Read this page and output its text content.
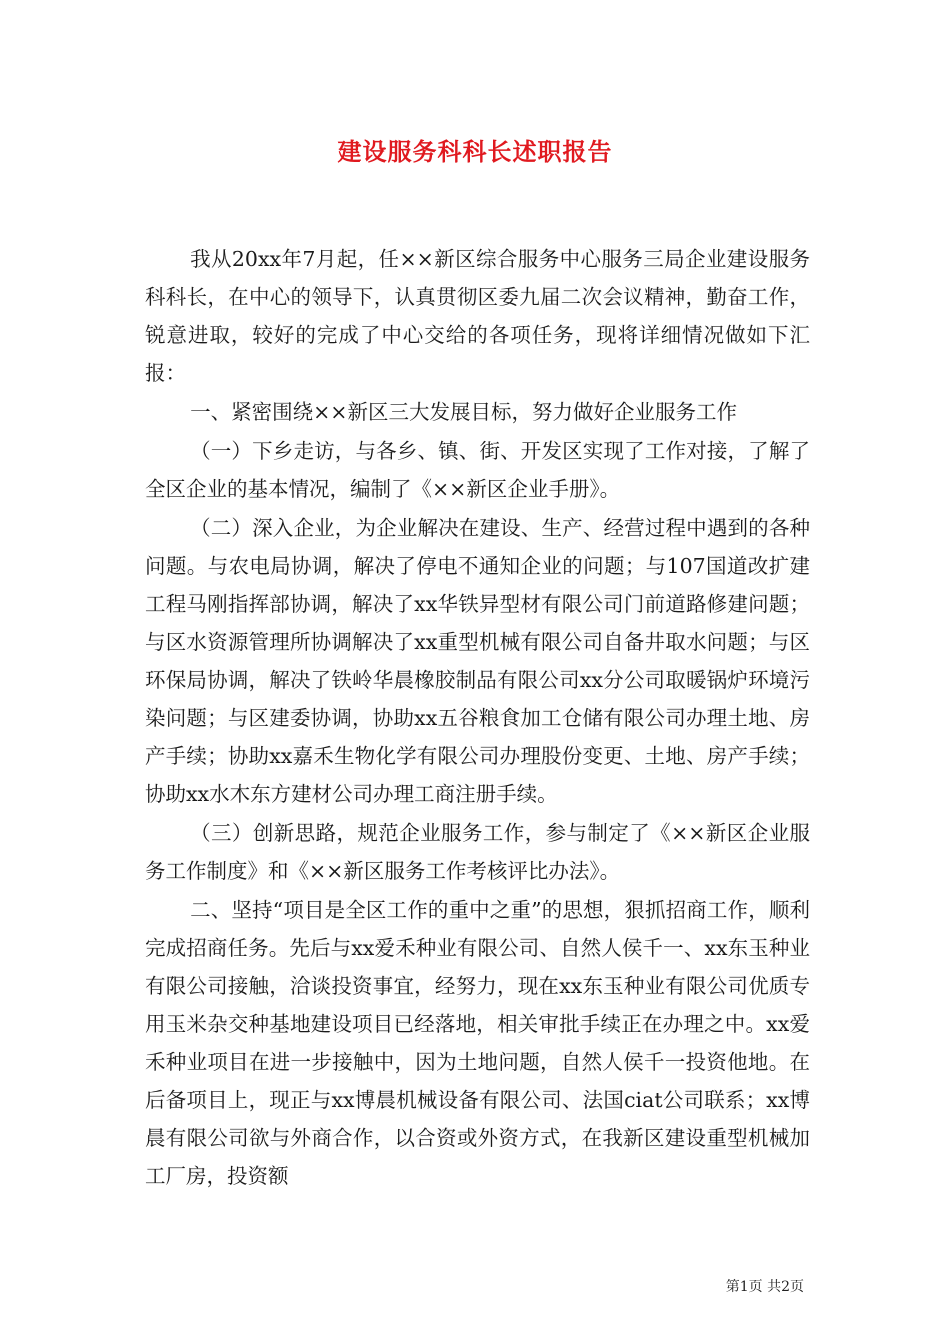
建设服务科科长述职报告

我从20xx年7月起，任××新区综合服务中心服务三局企业建设服务科科长，在中心的领导下，认真贯彻区委九届二次会议精神，勤奋工作，锐意进取，较好的完成了中心交给的各项任务，现将详细情况做如下汇报：

一、紧密围绕××新区三大发展目标，努力做好企业服务工作

（一）下乡走访，与各乡、镇、街、开发区实现了工作对接，了解了全区企业的基本情况，编制了《××新区企业手册》。

（二）深入企业，为企业解决在建设、生产、经营过程中遇到的各种问题。与农电局协调，解决了停电不通知企业的问题；与107国道改扩建工程马刚指挥部协调，解决了xx华铁异型材有限公司门前道路修建问题；与区水资源管理所协调解决了xx重型机械有限公司自备井取水问题；与区环保局协调，解决了铁岭华晨橡胶制品有限公司xx分公司取暖锅炉环境污染问题；与区建委协调，协助xx五谷粮食加工仓储有限公司办理土地、房产手续；协助xx嘉禾生物化学有限公司办理股份变更、土地、房产手续；协助xx水木东方建材公司办理工商注册手续。

（三）创新思路，规范企业服务工作，参与制定了《××新区企业服务工作制度》和《××新区服务工作考核评比办法》。

二、坚持“项目是全区工作的重中之重”的思想，狠抓招商工作，顺利完成招商任务。先后与xx爱禾种业有限公司、自然人侯千一、xx东玉种业有限公司接触，洽谈投资事宜，经努力，现在xx东玉种业有限公司优质专用玉米杂交种基地建设项目已经落地，相关审批手续正在办理之中。xx爱禾种业项目在进一步接触中，因为土地问题，自然人侯千一投资他地。在后备项目上，现正与xx博晨机械设备有限公司、法国ciat公司联系；xx博晨有限公司欲与外商合作，以合资或外资方式，在我新区建设重型机械加工厂房，投资额

第1页 共2页
